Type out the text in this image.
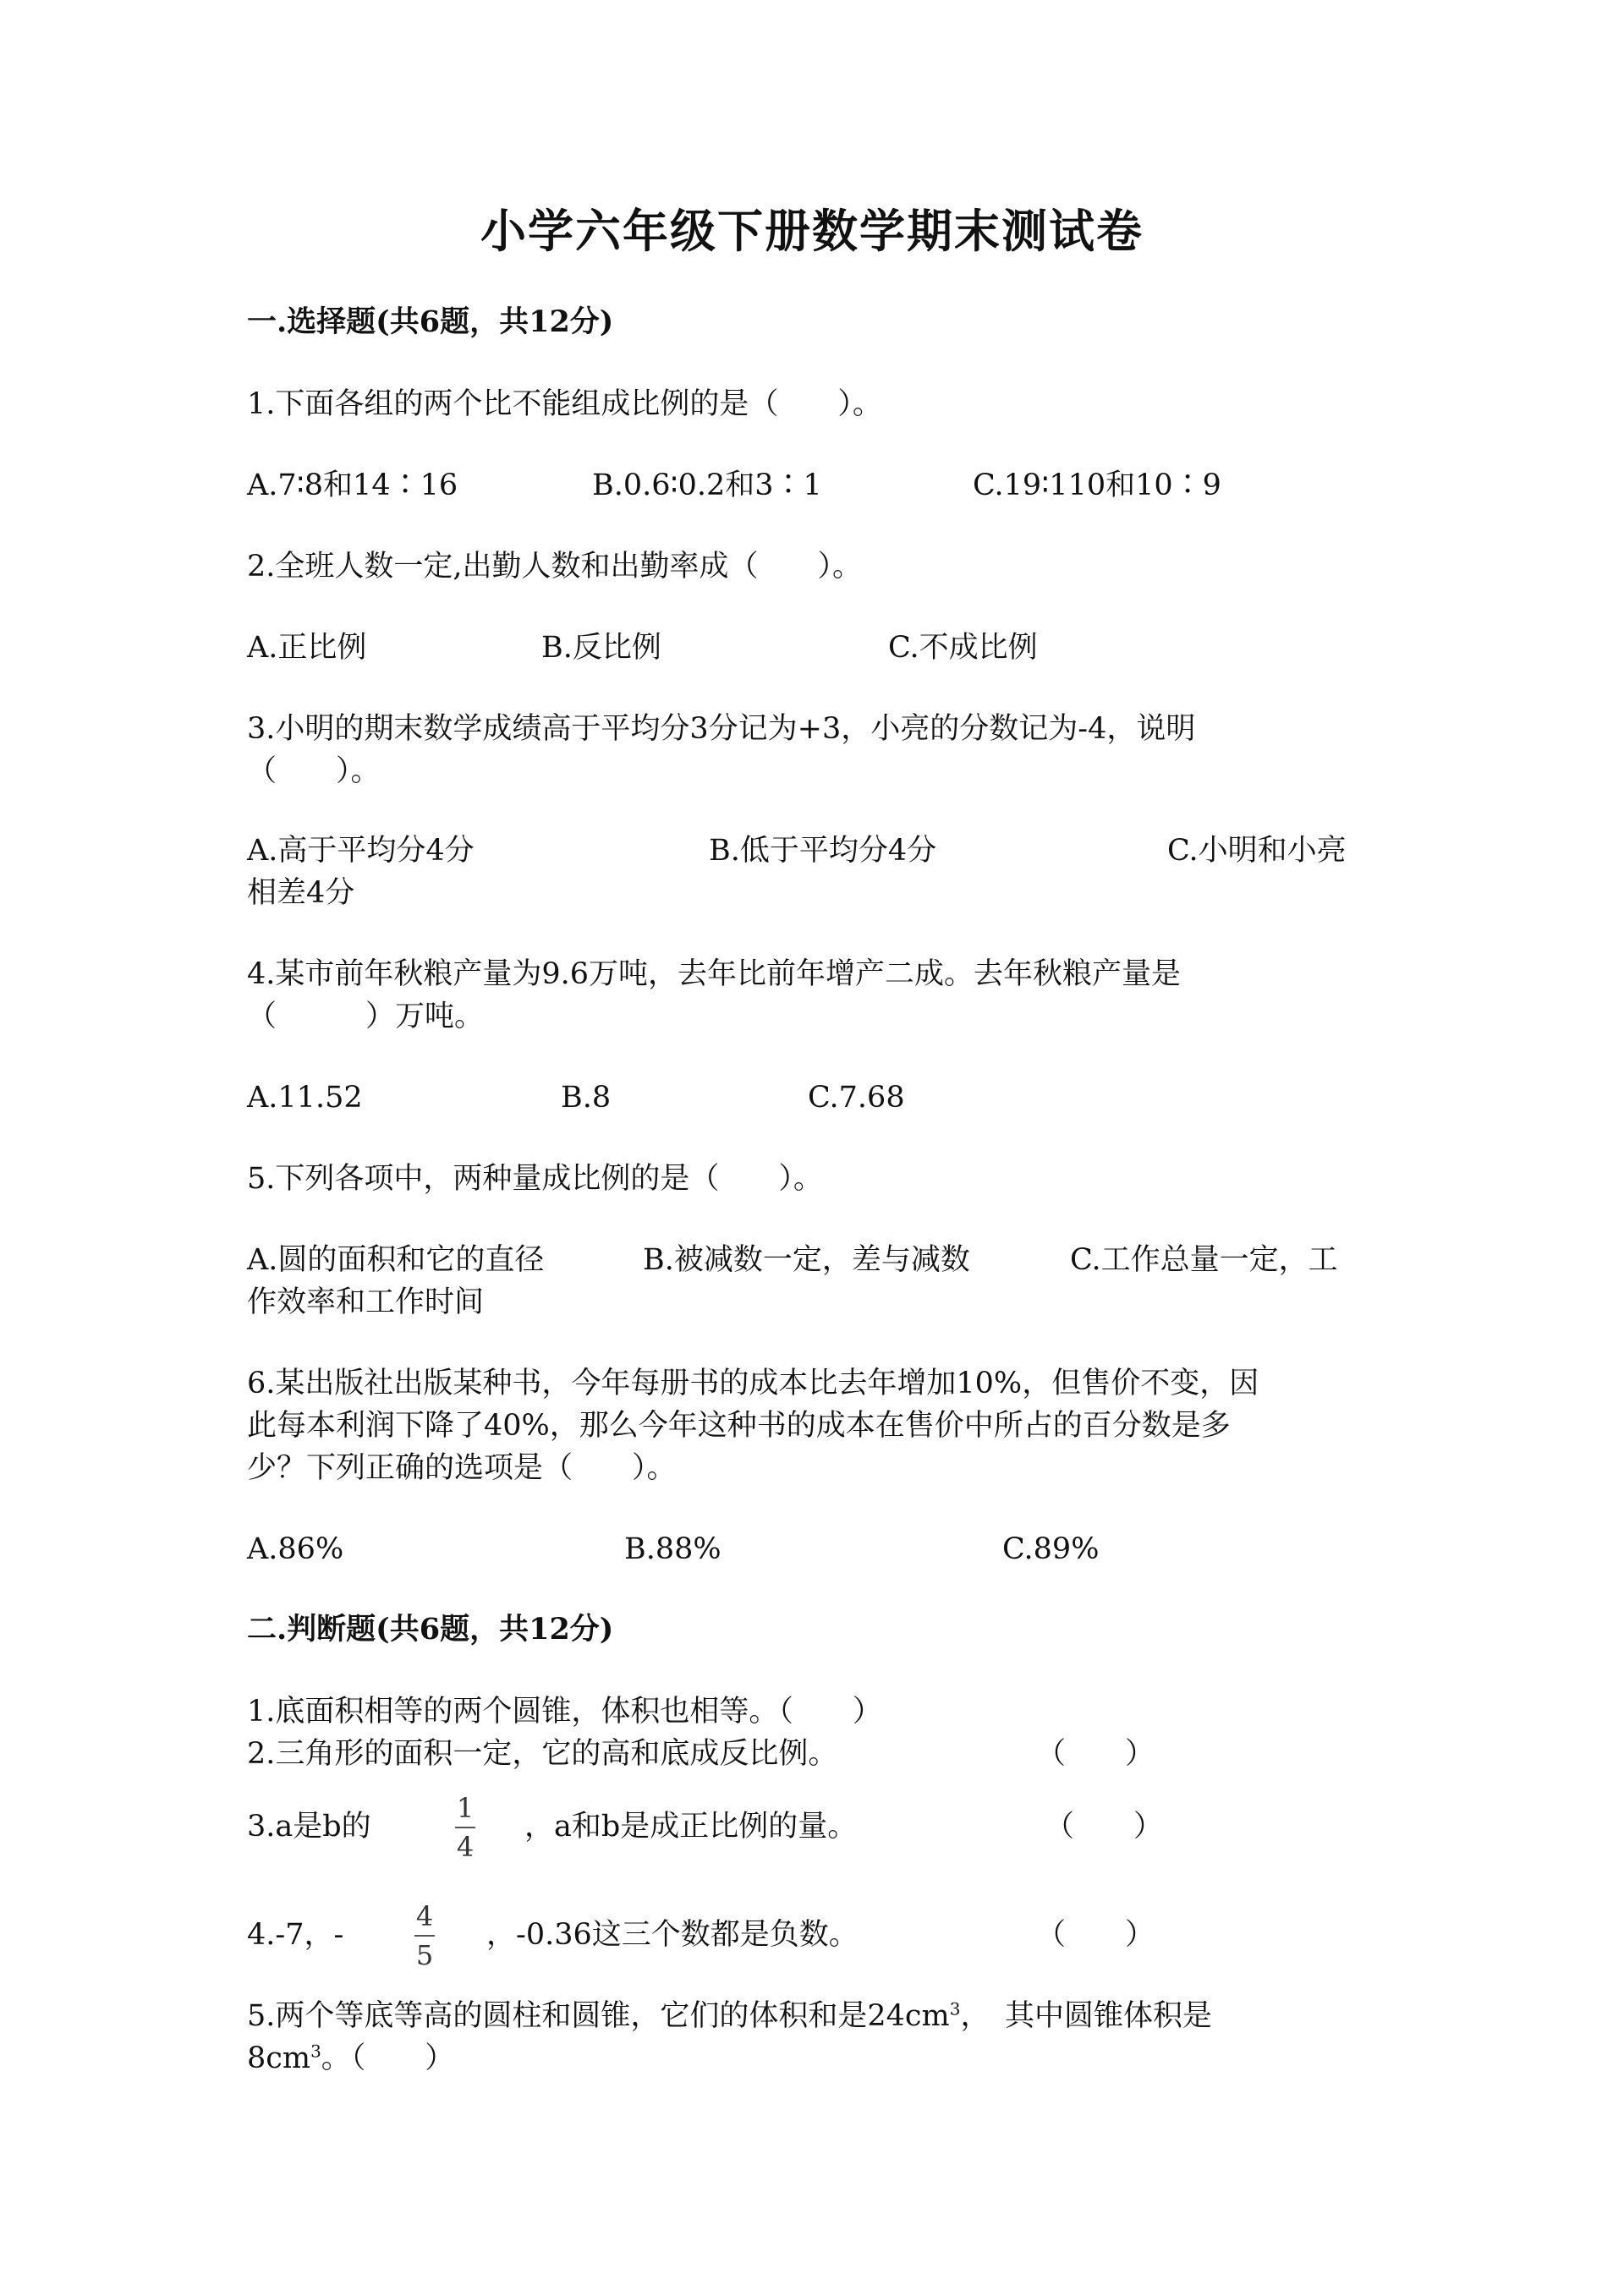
小学六年级下册数学期末测试卷
一.选择题(共6题，共12分)
1.下面各组的两个比不能组成比例的是（　　）。
A.7∶8和14∶16	B.0.6∶0.2和3∶1	C.19∶110和10∶9
2.全班人数一定,出勤人数和出勤率成（　　）。
A.正比例	B.反比例	C.不成比例
3.小明的期末数学成绩高于平均分3分记为+3，小亮的分数记为-4，说明
（　　）。
A.高于平均分4分	B.低于平均分4分	C.小明和小亮
相差4分
4.某市前年秋粮产量为9.6万吨，去年比前年增产二成。去年秋粮产量是
（　　　）万吨。
A.11.52	B.8	C.7.68
5.下列各项中，两种量成比例的是（　　）。
A.圆的面积和它的直径	B.被减数一定，差与减数	C.工作总量一定，工
作效率和工作时间
6.某出版社出版某种书，今年每册书的成本比去年增加10%，但售价不变，因
此每本利润下降了40%，那么今年这种书的成本在售价中所占的百分数是多
少？下列正确的选项是（　　）。
A.86%	B.88%	C.89%
二.判断题(共6题，共12分)
1.底面积相等的两个圆锥，体积也相等。（　　）
2.三角形的面积一定，它的高和底成反比例。	（　　）
3.a是b的
1
4
，a和b是成正比例的量。	（　　）
4.-7，-
4
5
，-0.36这三个数都是负数。	（　　）
5.两个等底等高的圆柱和圆锥，它们的体积和是$24cm^3$，　其中圆锥体积是
$8cm^3$。（　　）
